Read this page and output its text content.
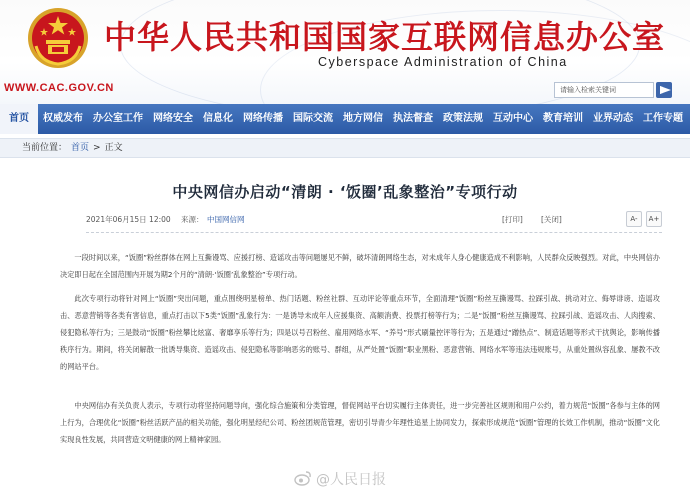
中华人民共和国国家互联网信息办公室
Cyberspace Administration of China
WWW.CAC.GOV.CN	请输入检索关键词
首页	权威发布	办公室工作	网络安全	信息化	网络传播	国际交流	地方网信	执法督查	政策法规	互动中心	教育培训	业界动态	工作专题
当前位置： 首页 > 正文
中央网信办启动“清朗 · ‘饭圈’乱象整治”专项行动
2021年06月15日 12:00 来源： 中国网信网	[打印] [关闭]	A-	A+

一段时间以来，“饭圈”粉丝群体在网上互撕谩骂、应援打榜、造谣攻击等问题屡见不鲜，破坏清朗网络生态，对未成年人身心健康造成不利影响，人民群众反映强烈。对此，中央网信办决定即日起在全国范围内开展为期2个月的“清朗·‘饭圈’乱象整治”专项行动。

此次专项行动将针对网上“饭圈”突出问题，重点围绕明星榜单、热门话题、粉丝社群、互动评论等重点环节，全面清理“饭圈”粉丝互撕谩骂、拉踩引战、挑动对立、侮辱诽谤、造谣攻击、恶意营销等各类有害信息，重点打击以下5类“饭圈”乱象行为：一是诱导未成年人应援集资、高额消费、投票打榜等行为；二是“饭圈”粉丝互撕谩骂、拉踩引战、造谣攻击、人肉搜索、侵犯隐私等行为；三是鼓动“饭圈”粉丝攀比炫富、奢靡享乐等行为；四是以号召粉丝、雇用网络水军、“养号”形式刷量控评等行为；五是通过“蹭热点”、制造话题等形式干扰舆论，影响传播秩序行为。期间，将关闭解散一批诱导集资、造谣攻击、侵犯隐私等影响恶劣的账号、群组，从严处置“饭圈”职业黑粉、恶意营销、网络水军等违法违规账号，从重处置纵容乱象、屡教不改的网站平台。

中央网信办有关负责人表示，专项行动将坚持问题导向，强化综合施策和分类管理，督促网站平台切实履行主体责任，进一步完善社区规则和用户公约，着力规范“饭圈”各参与主体的网上行为，合理优化“饭圈”粉丝活跃产品的相关功能，强化明星经纪公司、粉丝团规范管理，密切引导青少年理性追星上协同发力，探索形成规范“饭圈”管理的长效工作机制，推动“饭圈”文化实现良性发展，共同营造文明健康的网上精神家园。

@人民日报
